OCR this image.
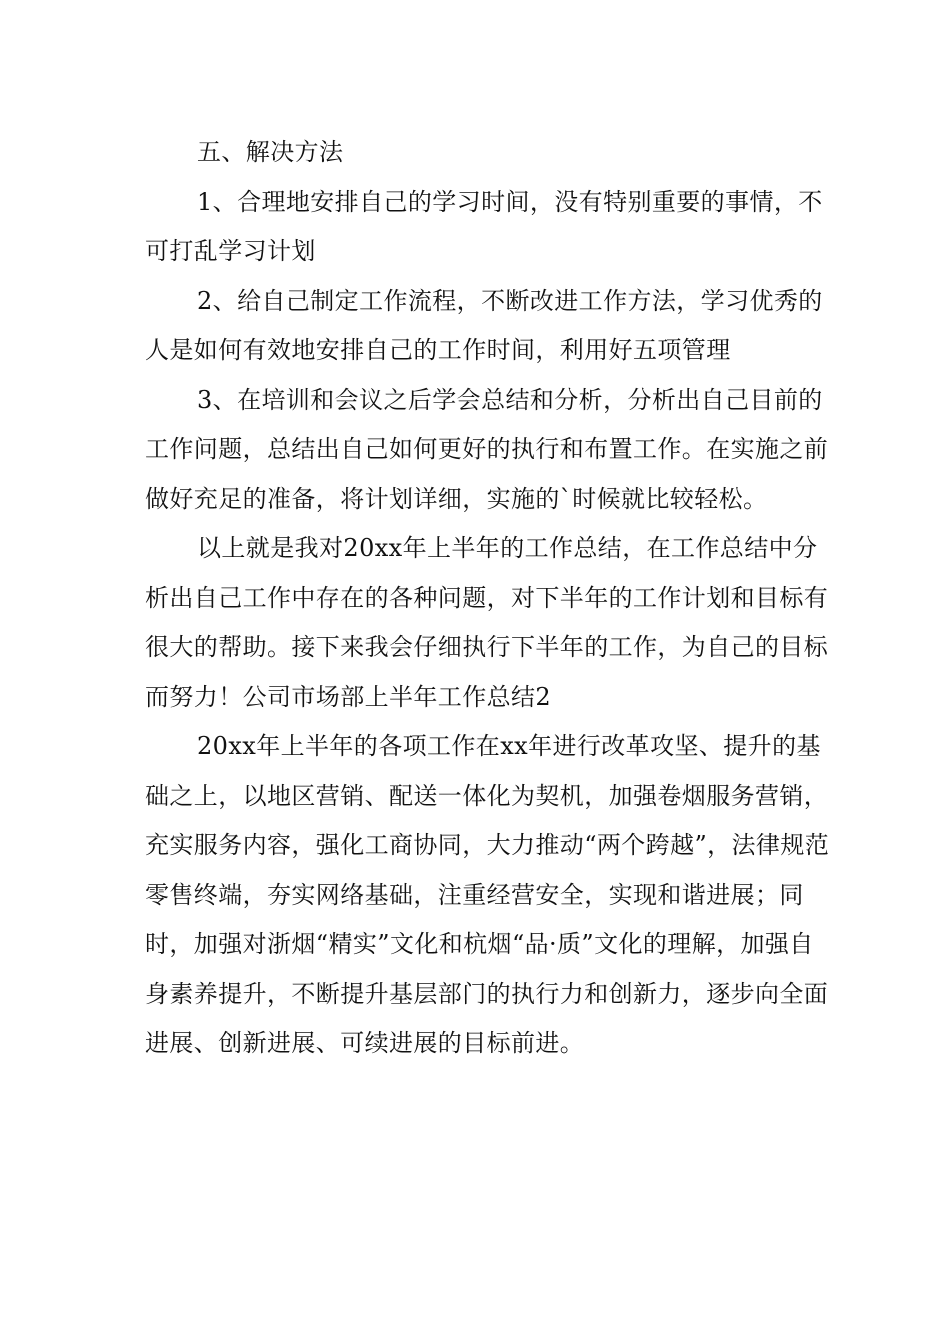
五、解决方法

1、合理地安排自己的学习时间，没有特别重要的事情，不可打乱学习计划

2、给自己制定工作流程，不断改进工作方法，学习优秀的人是如何有效地安排自己的工作时间，利用好五项管理

3、在培训和会议之后学会总结和分析，分析出自己目前的工作问题，总结出自己如何更好的执行和布置工作。在实施之前做好充足的准备，将计划详细，实施的`时候就比较轻松。

以上就是我对20xx年上半年的工作总结，在工作总结中分析出自己工作中存在的各种问题，对下半年的工作计划和目标有很大的帮助。接下来我会仔细执行下半年的工作，为自己的目标而努力！公司市场部上半年工作总结2

20xx年上半年的各项工作在xx年进行改革攻坚、提升的基础之上，以地区营销、配送一体化为契机，加强卷烟服务营销，充实服务内容，强化工商协同，大力推动“两个跨越”，法律规范零售终端，夯实网络基础，注重经营安全，实现和谐进展；同时，加强对浙烟“精实”文化和杭烟“品·质”文化的理解，加强自身素养提升，不断提升基层部门的执行力和创新力，逐步向全面进展、创新进展、可续进展的目标前进。
